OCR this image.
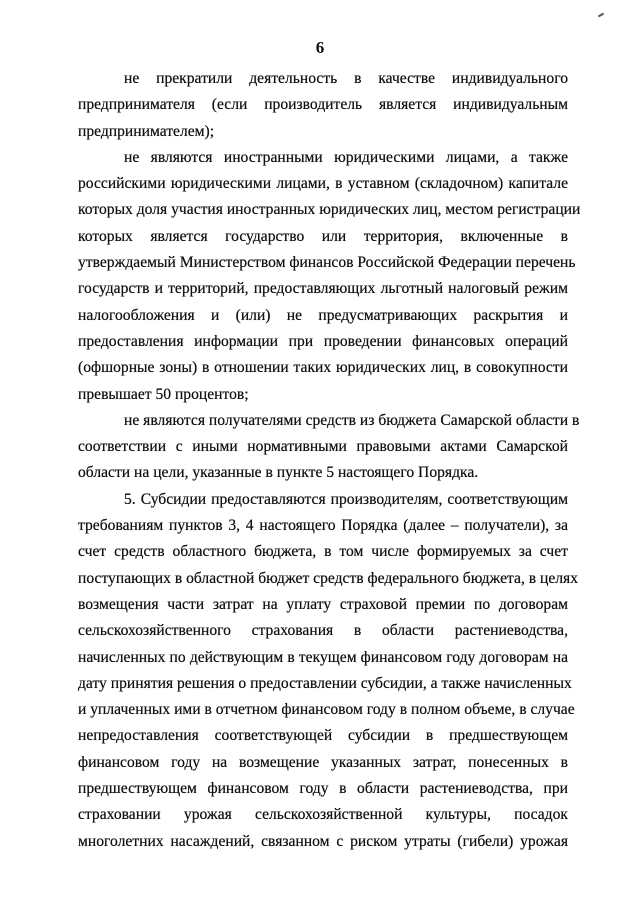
6
не прекратили деятельность в качестве индивидуального
предпринимателя (если производитель является индивидуальным
предпринимателем);
не являются иностранными юридическими лицами, а также
российскими юридическими лицами, в уставном (складочном) капитале
которых доля участия иностранных юридических лиц, местом регистрации
которых является государство или территория, включенные в
утверждаемый Министерством финансов Российской Федерации перечень
государств и территорий, предоставляющих льготный налоговый режим
налогообложения и (или) не предусматривающих раскрытия и
предоставления информации при проведении финансовых операций
(офшорные зоны) в отношении таких юридических лиц, в совокупности
превышает 50 процентов;
не являются получателями средств из бюджета Самарской области в
соответствии с иными нормативными правовыми актами Самарской
области на цели, указанные в пункте 5 настоящего Порядка.
5. Субсидии предоставляются производителям, соответствующим
требованиям пунктов 3, 4 настоящего Порядка (далее – получатели), за
счет средств областного бюджета, в том числе формируемых за счет
поступающих в областной бюджет средств федерального бюджета, в целях
возмещения части затрат на уплату страховой премии по договорам
сельскохозяйственного страхования в области растениеводства,
начисленных по действующим в текущем финансовом году договорам на
дату принятия решения о предоставлении субсидии, а также начисленных
и уплаченных ими в отчетном финансовом году в полном объеме, в случае
непредоставления соответствующей субсидии в предшествующем
финансовом году на возмещение указанных затрат, понесенных в
предшествующем финансовом году в области растениеводства, при
страховании урожая сельскохозяйственной культуры, посадок
многолетних насаждений, связанном с риском утраты (гибели) урожая
